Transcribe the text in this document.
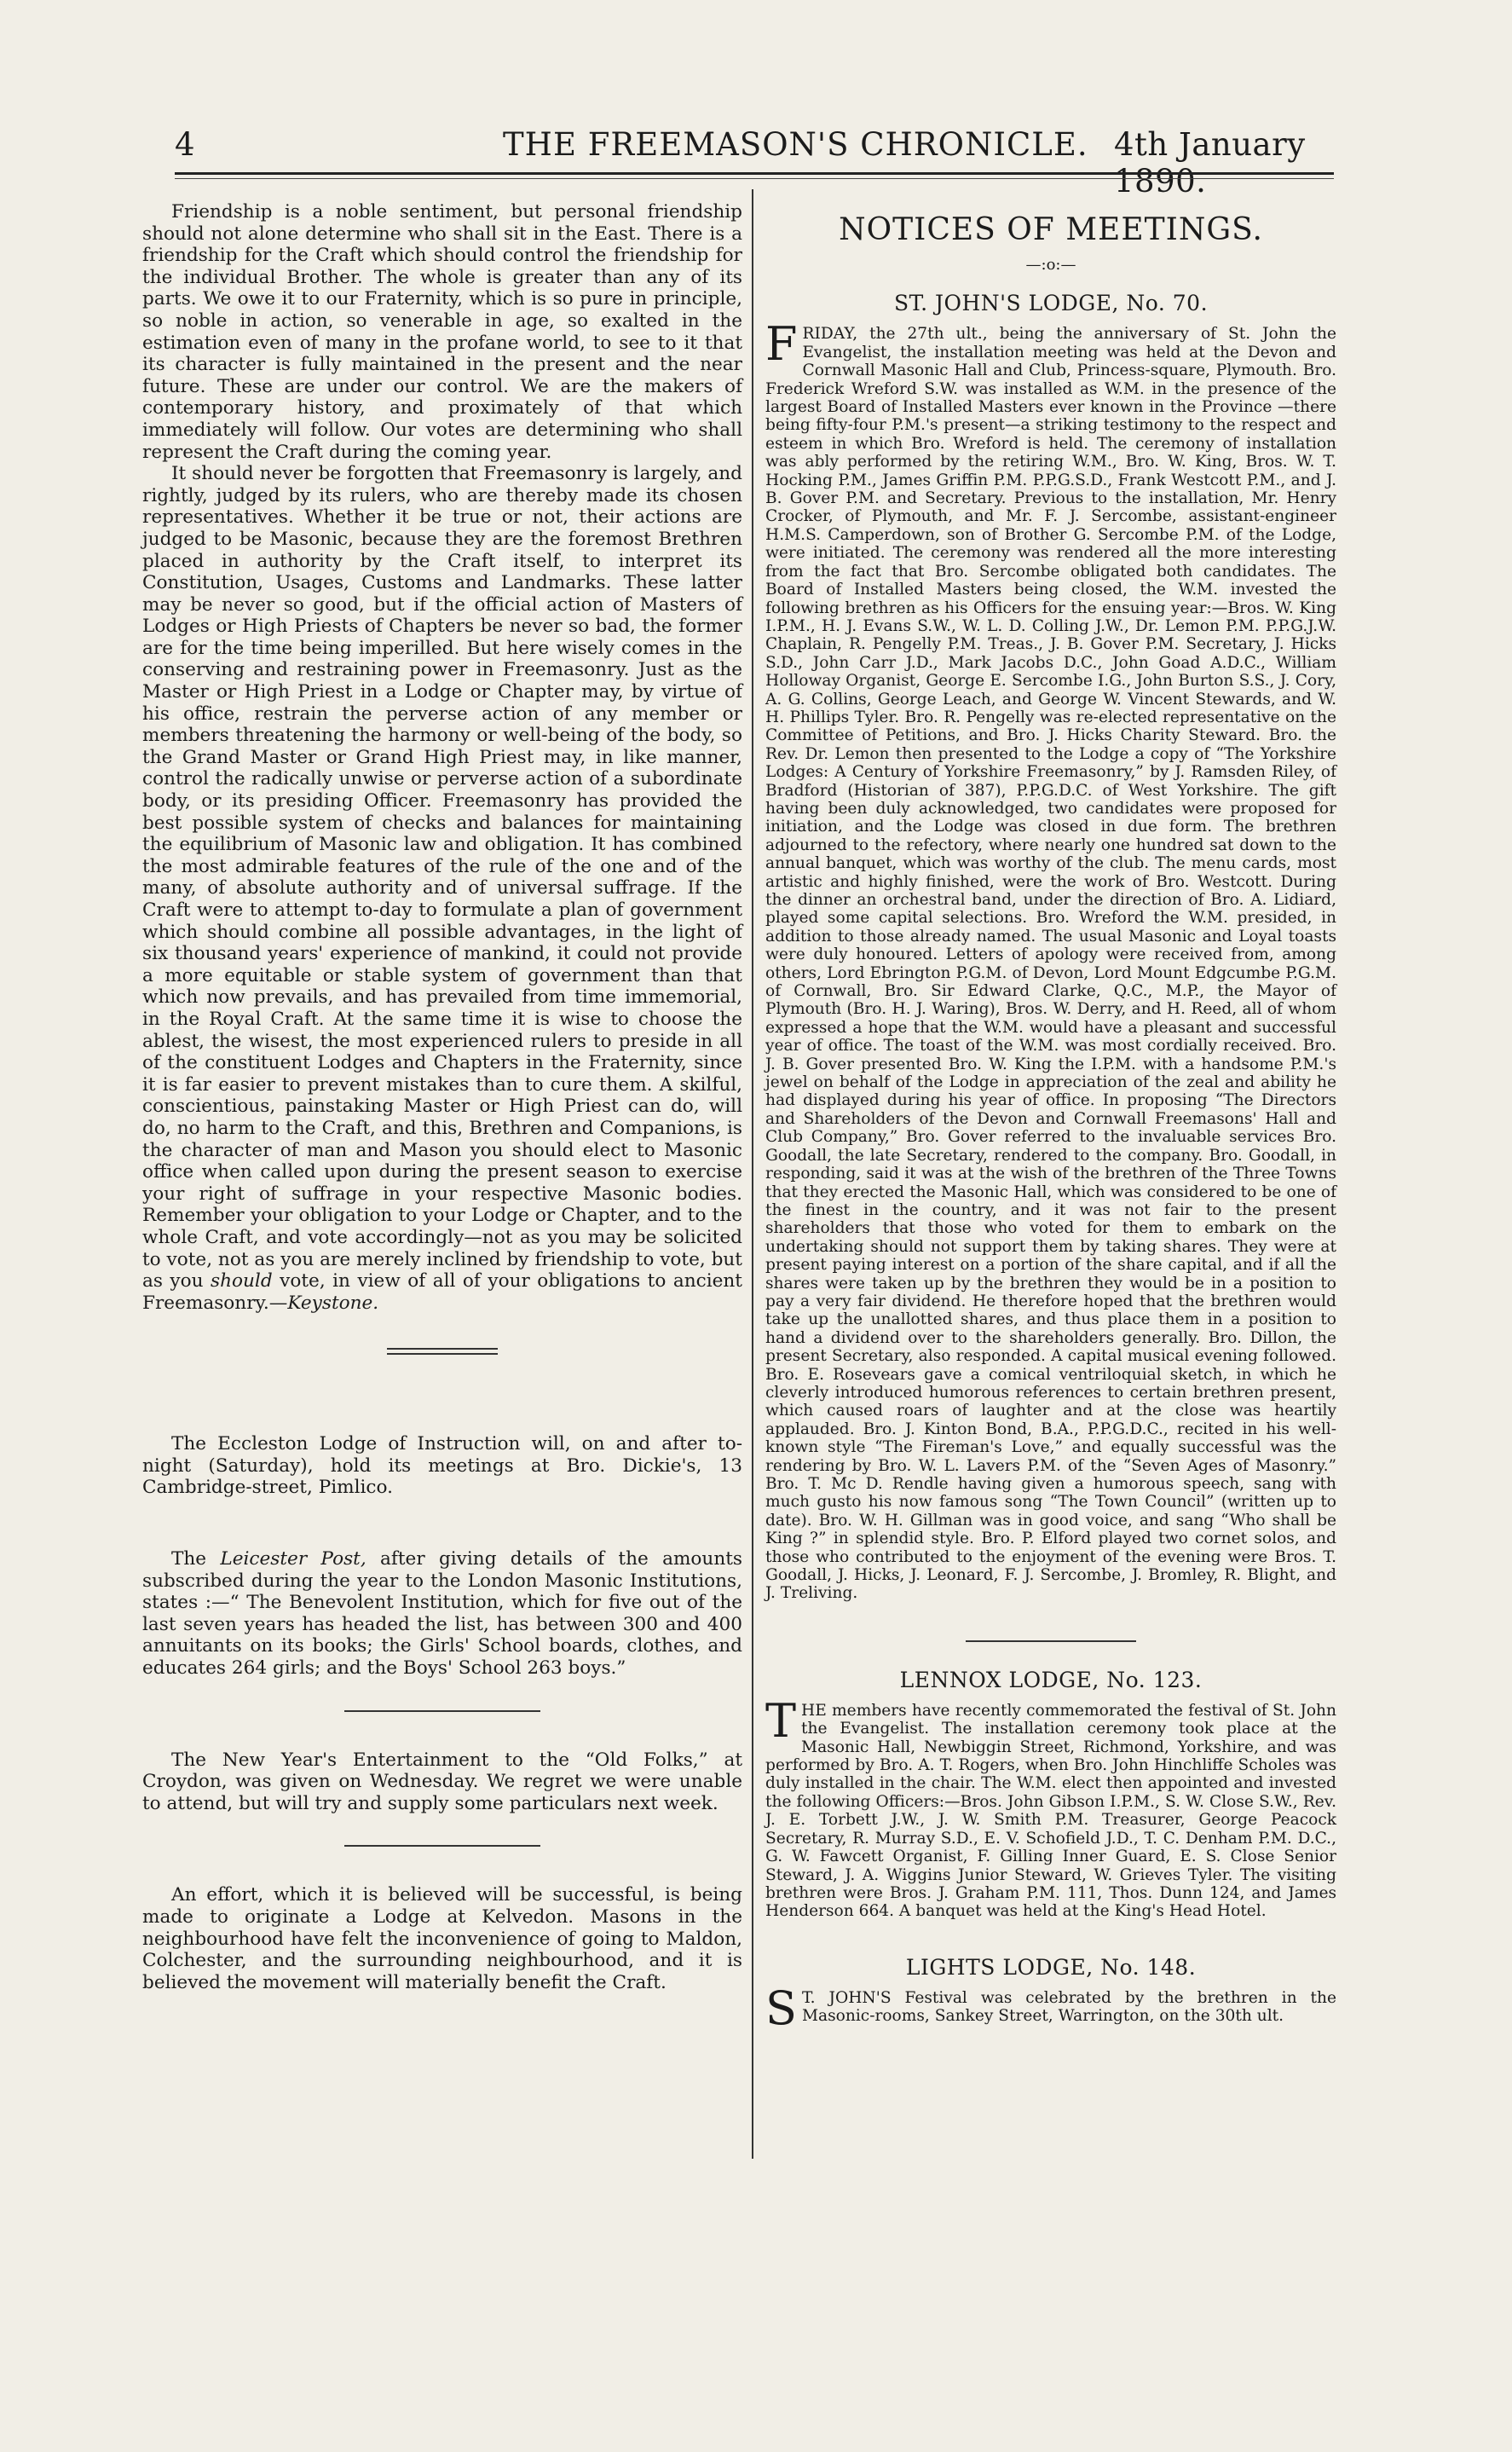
4	THE FREEMASON'S CHRONICLE. 4th January 1890.

Friendship is a noble sentiment, but personal friendship should not alone determine who shall sit in the East. There is a friendship for the Craft which should control the friendship for the individual Brother. The whole is greater than any of its parts. We owe it to our Fraternity, which is so pure in principle, so noble in action, so venerable in age, so exalted in the estimation even of many in the profane world, to see to it that its character is fully maintained in the present and the near future. These are under our control. We are the makers of contemporary history, and proximately of that which immediately will follow. Our votes are determining who shall represent the Craft during the coming year.

It should never be forgotten that Freemasonry is largely, and rightly, judged by its rulers, who are thereby made its chosen representatives. Whether it be true or not, their actions are judged to be Masonic, because they are the foremost Brethren placed in authority by the Craft itself, to interpret its Constitution, Usages, Customs and Landmarks. These latter may be never so good, but if the official action of Masters of Lodges or High Priests of Chapters be never so bad, the former are for the time being imperilled. But here wisely comes in the conserving and restraining power in Freemasonry. Just as the Master or High Priest in a Lodge or Chapter may, by virtue of his office, restrain the perverse action of any member or members threatening the harmony or well-being of the body, so the Grand Master or Grand High Priest may, in like manner, control the radically unwise or perverse action of a subordinate body, or its presiding Officer. Freemasonry has provided the best possible system of checks and balances for maintaining the equilibrium of Masonic law and obligation. It has combined the most admirable features of the rule of the one and of the many, of absolute authority and of universal suffrage. If the Craft were to attempt to-day to formulate a plan of government which should combine all possible advantages, in the light of six thousand years' experience of mankind, it could not provide a more equitable or stable system of government than that which now prevails, and has prevailed from time immemorial, in the Royal Craft. At the same time it is wise to choose the ablest, the wisest, the most experienced rulers to preside in all of the constituent Lodges and Chapters in the Fraternity, since it is far easier to prevent mistakes than to cure them. A skilful, conscientious, painstaking Master or High Priest can do, will do, no harm to the Craft, and this, Brethren and Companions, is the character of man and Mason you should elect to Masonic office when called upon during the present season to exercise your right of suffrage in your respective Masonic bodies. Remember your obligation to your Lodge or Chapter, and to the whole Craft, and vote accordingly—not as you may be solicited to vote, not as you are merely inclined by friendship to vote, but as you should vote, in view of all of your obligations to ancient Freemasonry.—Keystone.

The Eccleston Lodge of Instruction will, on and after to-night (Saturday), hold its meetings at Bro. Dickie's, 13 Cambridge-street, Pimlico.

The Leicester Post, after giving details of the amounts subscribed during the year to the London Masonic Institutions, states :—“ The Benevolent Institution, which for five out of the last seven years has headed the list, has between 300 and 400 annuitants on its books; the Girls' School boards, clothes, and educates 264 girls; and the Boys' School 263 boys.”

The New Year's Entertainment to the “Old Folks,” at Croydon, was given on Wednesday. We regret we were unable to attend, but will try and supply some particulars next week.

An effort, which it is believed will be successful, is being made to originate a Lodge at Kelvedon. Masons in the neighbourhood have felt the inconvenience of going to Maldon, Colchester, and the surrounding neighbourhood, and it is believed the movement will materially benefit the Craft.

NOTICES OF MEETINGS.
—:o:—
ST. JOHN'S LODGE, No. 70.

FRIDAY, the 27th ult., being the anniversary of St. John the Evangelist, the installation meeting was held at the Devon and Cornwall Masonic Hall and Club, Princess-square, Plymouth. Bro. Frederick Wreford S.W. was installed as W.M. in the presence of the largest Board of Installed Masters ever known in the Province —there being fifty-four P.M.'s present—a striking testimony to the respect and esteem in which Bro. Wreford is held. The ceremony of installation was ably performed by the retiring W.M., Bro. W. King, Bros. W. T. Hocking P.M., James Griffin P.M. P.P.G.S.D., Frank Westcott P.M., and J. B. Gover P.M. and Secretary. Previous to the installation, Mr. Henry Crocker, of Plymouth, and Mr. F. J. Sercombe, assistant-engineer H.M.S. Camperdown, son of Brother G. Sercombe P.M. of the Lodge, were initiated. The ceremony was rendered all the more interesting from the fact that Bro. Sercombe obligated both candidates. The Board of Installed Masters being closed, the W.M. invested the following brethren as his Officers for the ensuing year:—Bros. W. King I.P.M., H. J. Evans S.W., W. L. D. Colling J.W., Dr. Lemon P.M. P.P.G.J.W. Chaplain, R. Pengelly P.M. Treas., J. B. Gover P.M. Secretary, J. Hicks S.D., John Carr J.D., Mark Jacobs D.C., John Goad A.D.C., William Holloway Organist, George E. Sercombe I.G., John Burton S.S., J. Cory, A. G. Collins, George Leach, and George W. Vincent Stewards, and W. H. Phillips Tyler. Bro. R. Pengelly was re-elected representative on the Committee of Petitions, and Bro. J. Hicks Charity Steward. Bro. the Rev. Dr. Lemon then presented to the Lodge a copy of “The Yorkshire Lodges: A Century of Yorkshire Freemasonry,” by J. Ramsden Riley, of Bradford (Historian of 387), P.P.G.D.C. of West Yorkshire. The gift having been duly acknowledged, two candidates were proposed for initiation, and the Lodge was closed in due form. The brethren adjourned to the refectory, where nearly one hundred sat down to the annual banquet, which was worthy of the club. The menu cards, most artistic and highly finished, were the work of Bro. Westcott. During the dinner an orchestral band, under the direction of Bro. A. Lidiard, played some capital selections. Bro. Wreford the W.M. presided, in addition to those already named. The usual Masonic and Loyal toasts were duly honoured. Letters of apology were received from, among others, Lord Ebrington P.G.M. of Devon, Lord Mount Edgcumbe P.G.M. of Cornwall, Bro. Sir Edward Clarke, Q.C., M.P., the Mayor of Plymouth (Bro. H. J. Waring), Bros. W. Derry, and H. Reed, all of whom expressed a hope that the W.M. would have a pleasant and successful year of office. The toast of the W.M. was most cordially received. Bro. J. B. Gover presented Bro. W. King the I.P.M. with a handsome P.M.'s jewel on behalf of the Lodge in appreciation of the zeal and ability he had displayed during his year of office. In proposing “The Directors and Shareholders of the Devon and Cornwall Freemasons' Hall and Club Company,” Bro. Gover referred to the invaluable services Bro. Goodall, the late Secretary, rendered to the company. Bro. Goodall, in responding, said it was at the wish of the brethren of the Three Towns that they erected the Masonic Hall, which was considered to be one of the finest in the country, and it was not fair to the present shareholders that those who voted for them to embark on the undertaking should not support them by taking shares. They were at present paying interest on a portion of the share capital, and if all the shares were taken up by the brethren they would be in a position to pay a very fair dividend. He therefore hoped that the brethren would take up the unallotted shares, and thus place them in a position to hand a dividend over to the shareholders generally. Bro. Dillon, the present Secretary, also responded. A capital musical evening followed. Bro. E. Rosevears gave a comical ventriloquial sketch, in which he cleverly introduced humorous references to certain brethren present, which caused roars of laughter and at the close was heartily applauded. Bro. J. Kinton Bond, B.A., P.P.G.D.C., recited in his well-known style “The Fireman's Love,” and equally successful was the rendering by Bro. W. L. Lavers P.M. of the “Seven Ages of Masonry.” Bro. T. Mc D. Rendle having given a humorous speech, sang with much gusto his now famous song “The Town Council” (written up to date). Bro. W. H. Gillman was in good voice, and sang “Who shall be King ?” in splendid style. Bro. P. Elford played two cornet solos, and those who contributed to the enjoyment of the evening were Bros. T. Goodall, J. Hicks, J. Leonard, F. J. Sercombe, J. Bromley, R. Blight, and J. Treliving.

LENNOX LODGE, No. 123.

THE members have recently commemorated the festival of St. John the Evangelist. The installation ceremony took place at the Masonic Hall, Newbiggin Street, Richmond, Yorkshire, and was performed by Bro. A. T. Rogers, when Bro. John Hinchliffe Scholes was duly installed in the chair. The W.M. elect then appointed and invested the following Officers:—Bros. John Gibson I.P.M., S. W. Close S.W., Rev. J. E. Torbett J.W., J. W. Smith P.M. Treasurer, George Peacock Secretary, R. Murray S.D., E. V. Schofield J.D., T. C. Denham P.M. D.C., G. W. Fawcett Organist, F. Gilling Inner Guard, E. S. Close Senior Steward, J. A. Wiggins Junior Steward, W. Grieves Tyler. The visiting brethren were Bros. J. Graham P.M. 111, Thos. Dunn 124, and James Henderson 664. A banquet was held at the King's Head Hotel.

LIGHTS LODGE, No. 148.

S T. JOHN'S Festival was celebrated by the brethren in the Masonic-rooms, Sankey Street, Warrington, on the 30th ult.
